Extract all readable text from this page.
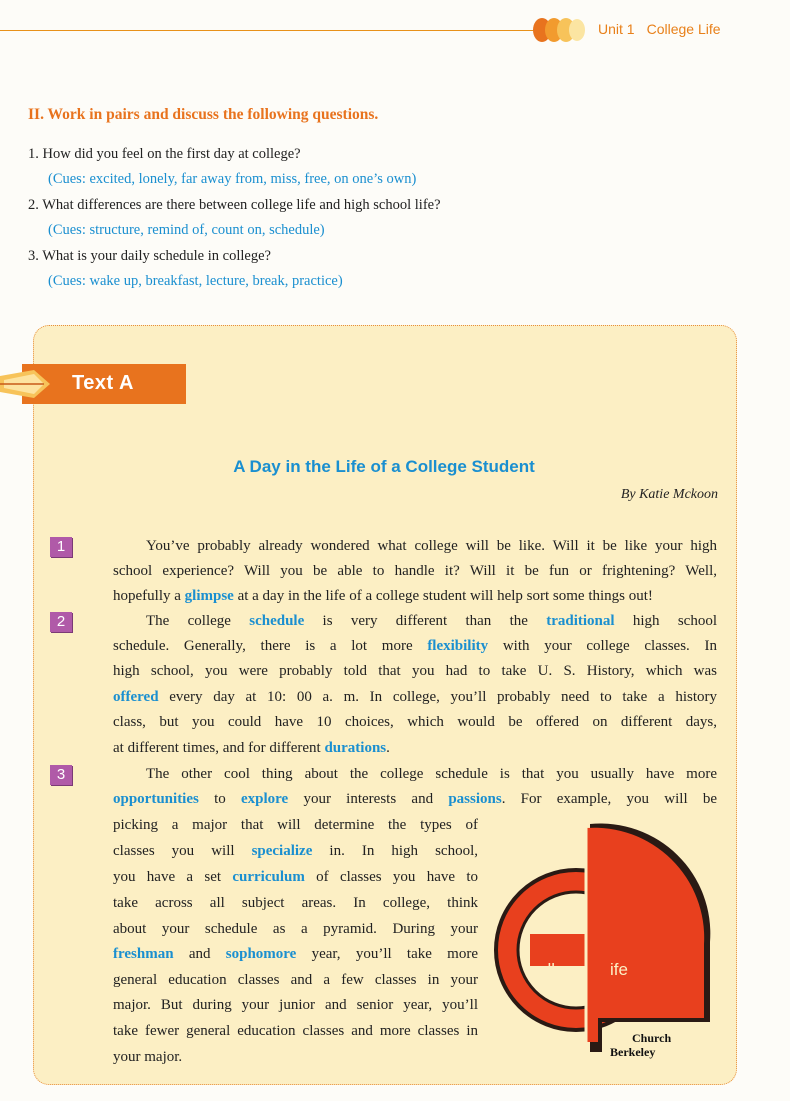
Unit 1 College Life
II. Work in pairs and discuss the following questions.
1. How did you feel on the first day at college?
(Cues: excited, lonely, far away from, miss, free, on one’s own)
2. What differences are there between college life and high school life?
(Cues: structure, remind of, count on, schedule)
3. What is your daily schedule in college?
(Cues: wake up, breakfast, lecture, break, practice)
Text A
A Day in the Life of a College Student
By Katie Mckoon
1
2
3
You’ve probably already wondered what college will be like. Will it be like your high
school experience? Will you be able to handle it? Will it be fun or frightening? Well,
hopefully a glimpse at a day in the life of a college student will help sort some things out!
The college schedule is very different than the traditional high school
schedule. Generally, there is a lot more flexibility with your college classes. In
high school, you were probably told that you had to take U. S. History, which was
offered every day at 10: 00 a. m. In college, you’ll probably need to take a history
class, but you could have 10 choices, which would be offered on different days,
at different times, and for different durations.
The other cool thing about the college schedule is that you usually have more
opportunities to explore your interests and passions. For example, you will be
picking a major that will determine the types of
classes you will specialize in. In high school,
you have a set curriculum of classes you have to
take across all subject areas. In college, think
about your schedule as a pyramid. During your
freshman and sophomore year, you’ll take more
general education classes and a few classes in your
major. But during your junior and senior year, you’ll
take fewer general education classes and more classes in
your major.
c ollege ife
Church
Berkeley
